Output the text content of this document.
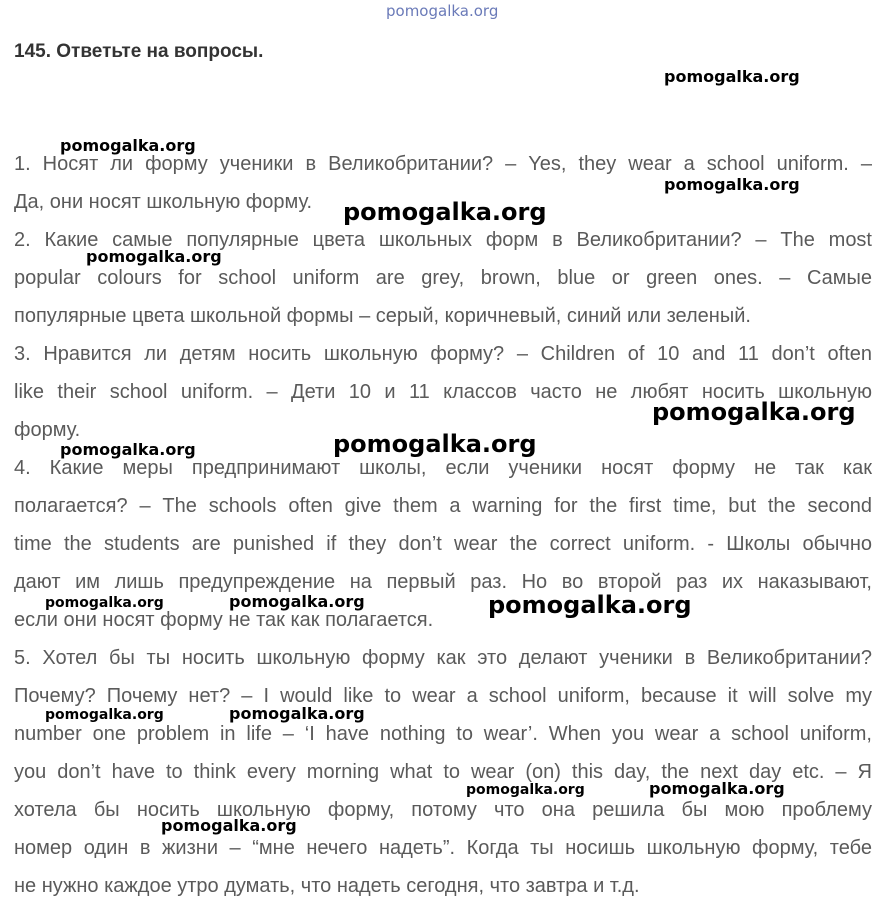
pomogalka.org
145. Ответьте на вопросы.
1. Носят ли форму ученики в Великобритании? – Yes, they wear a school uniform. –
Да, они носят школьную форму.
2. Какие самые популярные цвета школьных форм в Великобритании? – The most
popular colours for school uniform are grey, brown, blue or green ones. – Самые
популярные цвета школьной формы – серый, коричневый, синий или зеленый.
3. Нравится ли детям носить школьную форму? – Children of 10 and 11 don’t often
like their school uniform. – Дети 10 и 11 классов часто не любят носить школьную
форму.
4. Какие меры предпринимают школы, если ученики носят форму не так как
полагается? – The schools often give them a warning for the first time, but the second
time the students are punished if they don’t wear the correct uniform. - Школы обычно
дают им лишь предупреждение на первый раз. Но во второй раз их наказывают,
если они носят форму не так как полагается.
5. Хотел бы ты носить школьную форму как это делают ученики в Великобритании?
Почему? Почему нет? – I would like to wear a school uniform, because it will solve my
number one problem in life – ‘I have nothing to wear’. When you wear a school uniform,
you don’t have to think every morning what to wear (on) this day, the next day etc. – Я
хотела бы носить школьную форму, потому что она решила бы мою проблему
номер один в жизни – “мне нечего надеть”. Когда ты носишь школьную форму, тебе
не нужно каждое утро думать, что надеть сегодня, что завтра и т.д.
pomogalka.org
pomogalka.org
pomogalka.org
pomogalka.org
pomogalka.org
pomogalka.org
pomogalka.org	pomogalka.org
pomogalka.org	pomogalka.org	pomogalka.org
pomogalka.org	pomogalka.org
pomogalka.org	pomogalka.org
pomogalka.org
